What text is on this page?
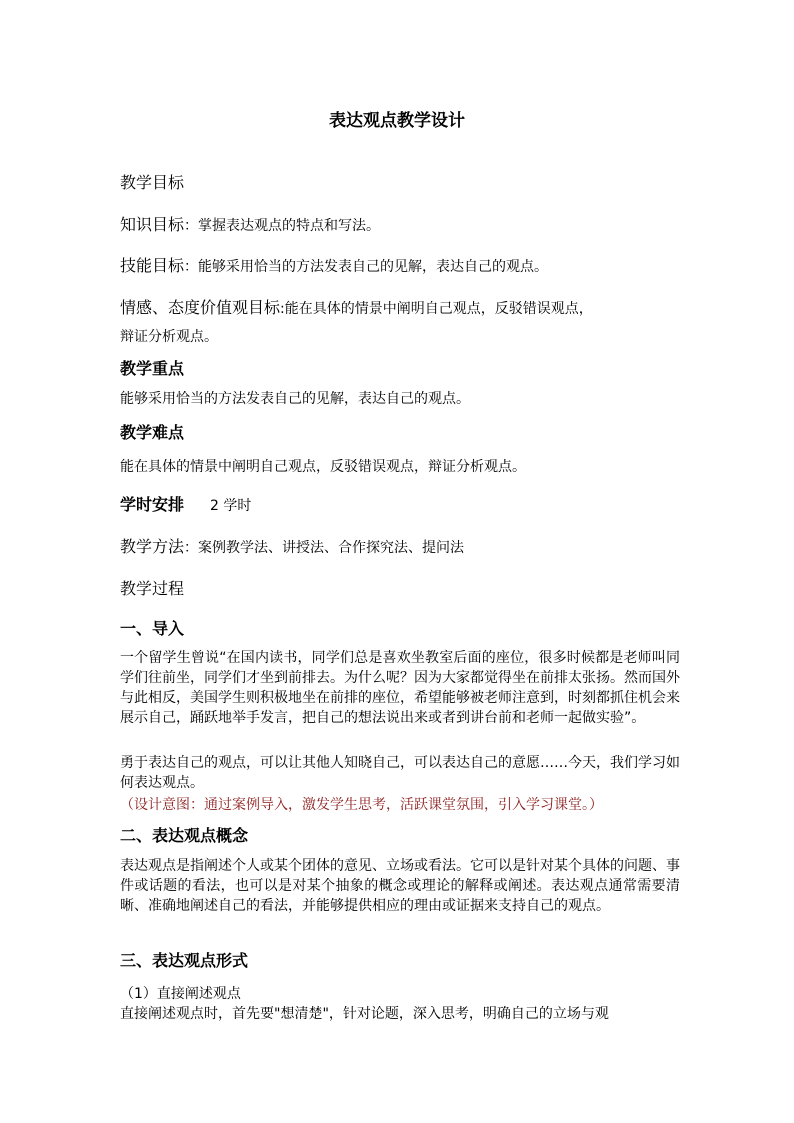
表达观点教学设计

教学目标

知识目标：掌握表达观点的特点和写法。

技能目标：能够采用恰当的方法发表自己的见解，表达自己的观点。

情感、态度价值观目标:能在具体的情景中阐明自己观点，反驳错误观点，

辩证分析观点。

教学重点

能够采用恰当的方法发表自己的见解，表达自己的观点。

教学难点

能在具体的情景中阐明自己观点，反驳错误观点，辩证分析观点。

学时安排 2 学时

教学方法：案例教学法、讲授法、合作探究法、提问法

教学过程

一、导入

一个留学生曾说“在国内读书，同学们总是喜欢坐教室后面的座位，很多时候都是老师叫同学们往前坐，同学们才坐到前排去。为什么呢？因为大家都觉得坐在前排太张扬。然而国外与此相反，美国学生则积极地坐在前排的座位，希望能够被老师注意到，时刻都抓住机会来展示自己，踊跃地举手发言，把自己的想法说出来或者到讲台前和老师一起做实验”。

勇于表达自己的观点，可以让其他人知晓自己，可以表达自己的意愿……今天，我们学习如何表达观点。

（设计意图：通过案例导入，激发学生思考，活跃课堂氛围，引入学习课堂。）

二、表达观点概念

表达观点是指阐述个人或某个团体的意见、立场或看法。它可以是针对某个具体的问题、事件或话题的看法，也可以是对某个抽象的概念或理论的解释或阐述。表达观点通常需要清晰、准确地阐述自己的看法，并能够提供相应的理由或证据来支持自己的观点。

三、表达观点形式

（1）直接阐述观点

直接阐述观点时，首先要"想清楚"，针对论题，深入思考，明确自己的立场与观
